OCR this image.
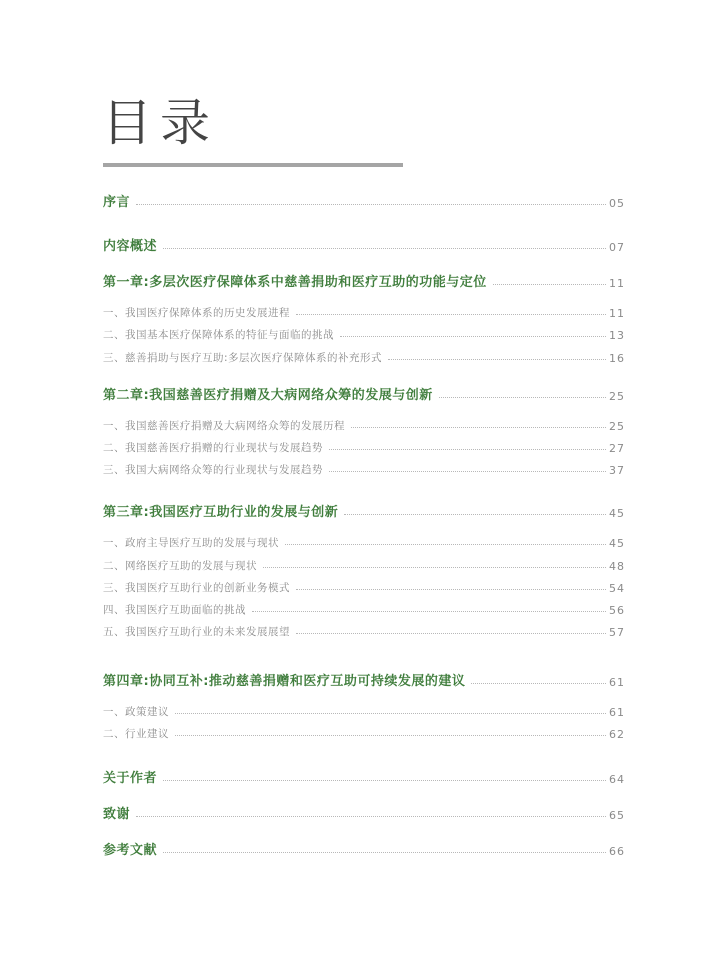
目录
序言	05
内容概述	07
第一章:多层次医疗保障体系中慈善捐助和医疗互助的功能与定位	11
一、我国医疗保障体系的历史发展进程	11
二、我国基本医疗保障体系的特征与面临的挑战	13
三、慈善捐助与医疗互助:多层次医疗保障体系的补充形式	16
第二章:我国慈善医疗捐赠及大病网络众筹的发展与创新	25
一、我国慈善医疗捐赠及大病网络众筹的发展历程	25
二、我国慈善医疗捐赠的行业现状与发展趋势	27
三、我国大病网络众筹的行业现状与发展趋势	37
第三章:我国医疗互助行业的发展与创新	45
一、政府主导医疗互助的发展与现状	45
二、网络医疗互助的发展与现状	48
三、我国医疗互助行业的创新业务模式	54
四、我国医疗互助面临的挑战	56
五、我国医疗互助行业的未来发展展望	57
第四章:协同互补:推动慈善捐赠和医疗互助可持续发展的建议	61
一、政策建议	61
二、行业建议	62
关于作者	64
致谢	65
参考文献	66
